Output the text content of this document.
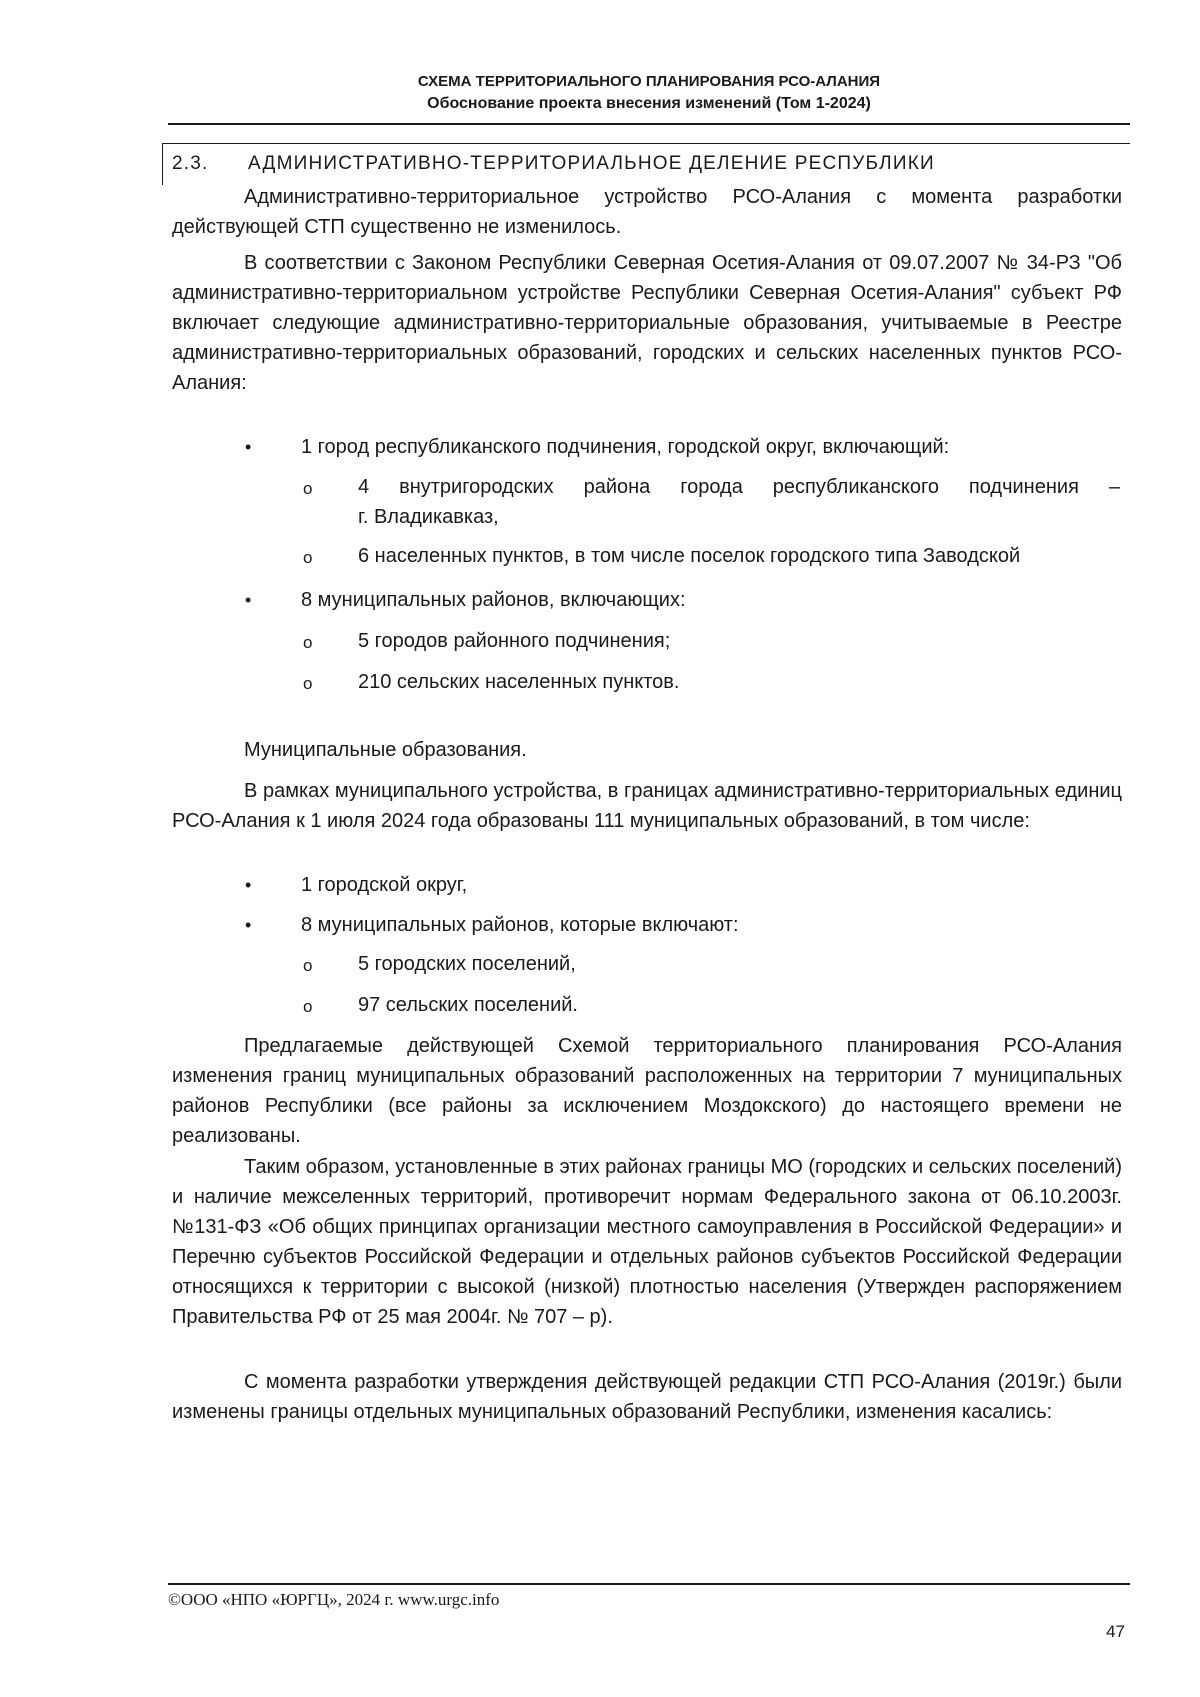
СХЕМА ТЕРРИТОРИАЛЬНОГО ПЛАНИРОВАНИЯ РСО-АЛАНИЯ
Обоснование проекта внесения изменений (Том 1-2024)
2.3. АДМИНИСТРАТИВНО-ТЕРРИТОРИАЛЬНОЕ ДЕЛЕНИЕ РЕСПУБЛИКИ

Административно-территориальное устройство РСО-Алания с момента разработки действующей СТП существенно не изменилось.

В соответствии с Законом Республики Северная Осетия-Алания от 09.07.2007 № 34-РЗ "Об административно-территориальном устройстве Республики Северная Осетия-Алания" субъект РФ включает следующие административно-территориальные образования, учитываемые в Реестре административно-территориальных образований, городских и сельских населенных пунктов РСО-Алания:

• 1 город республиканского подчинения, городской округ, включающий:
o 4 внутригородских района города республиканского подчинения –
г. Владикавказ,
o 6 населенных пунктов, в том числе поселок городского типа Заводской
• 8 муниципальных районов, включающих:
o 5 городов районного подчинения;
o 210 сельских населенных пунктов.

Муниципальные образования.

В рамках муниципального устройства, в границах административно-территориальных единиц РСО-Алания к 1 июля 2024 года образованы 111 муниципальных образований, в том числе:

• 1 городской округ,
• 8 муниципальных районов, которые включают:
o 5 городских поселений,
o 97 сельских поселений.

Предлагаемые действующей Схемой территориального планирования РСО-Алания изменения границ муниципальных образований расположенных на территории 7 муниципальных районов Республики (все районы за исключением Моздокского) до настоящего времени не реализованы.

Таким образом, установленные в этих районах границы МО (городских и сельских поселений) и наличие межселенных территорий, противоречит нормам Федерального закона от 06.10.2003г. №131-ФЗ «Об общих принципах организации местного самоуправления в Российской Федерации» и Перечню субъектов Российской Федерации и отдельных районов субъектов Российской Федерации относящихся к территории с высокой (низкой) плотностью населения (Утвержден распоряжением Правительства РФ от 25 мая 2004г. № 707 – р).

С момента разработки утверждения действующей редакции СТП РСО-Алания (2019г.) были изменены границы отдельных муниципальных образований Республики, изменения касались:

©ООО «НПО «ЮРГЦ», 2024 г. www.urgc.info
47
